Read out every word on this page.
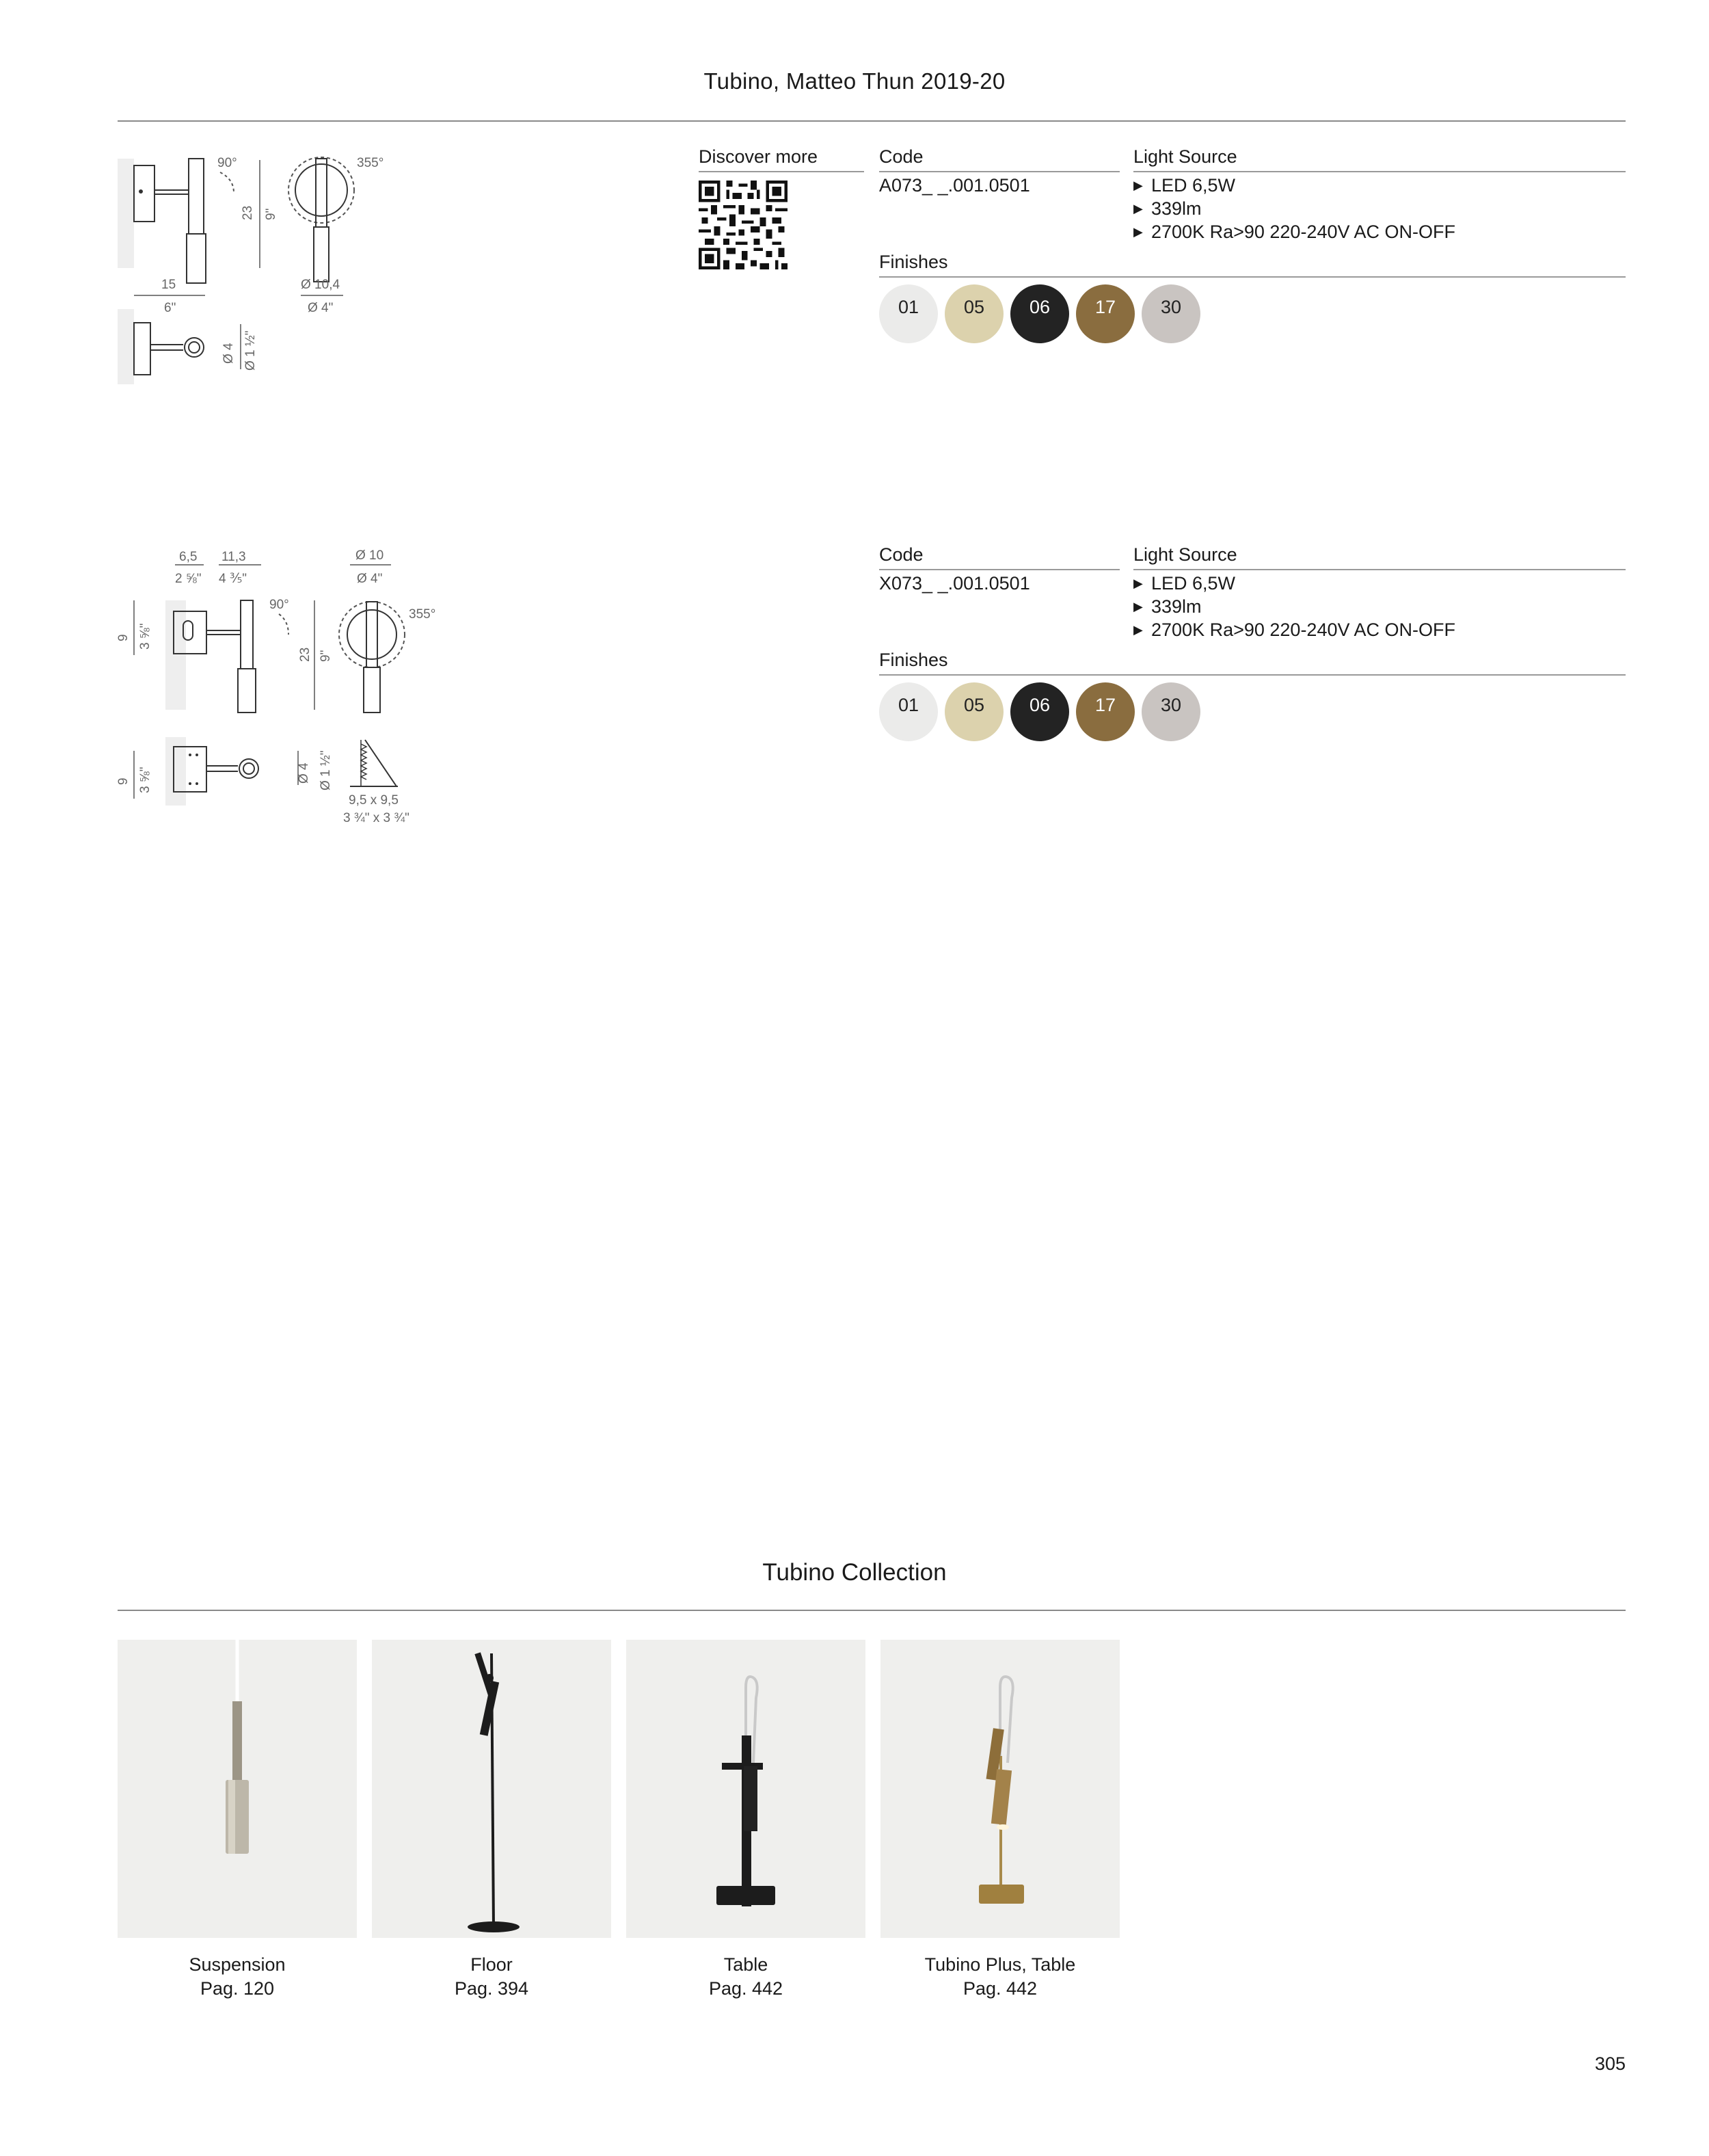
Tubino, Matteo Thun 2019-20
90°
23 9"
355°
15
6"
Ø 10,4
Ø 4"
Ø 4 Ø 1 ½"
Discover more	Code
A073_ _.001.0501
Light Source
▶ LED 6,5W
▶ 339lm
▶ 2700K Ra>90 220-240V AC ON-OFF
Finishes
01 05 06 17 30
6,5 11,3
2 ⅝" 4 ⅗"
Ø 10
Ø 4"
9 3 ⅝"
90°
23 9"
355°
9 3 ⅝"	Ø 4 Ø 1 ½"
9,5 x 9,5
3 ¾" x 3 ¾"
Code
X073_ _.001.0501
Light Source
▶ LED 6,5W
▶ 339lm
▶ 2700K Ra>90 220-240V AC ON-OFF
Finishes
01 05 06 17 30
Tubino Collection
Suspension
Pag. 120
Floor
Pag. 394
Table
Pag. 442
Tubino Plus, Table
Pag. 442
305
